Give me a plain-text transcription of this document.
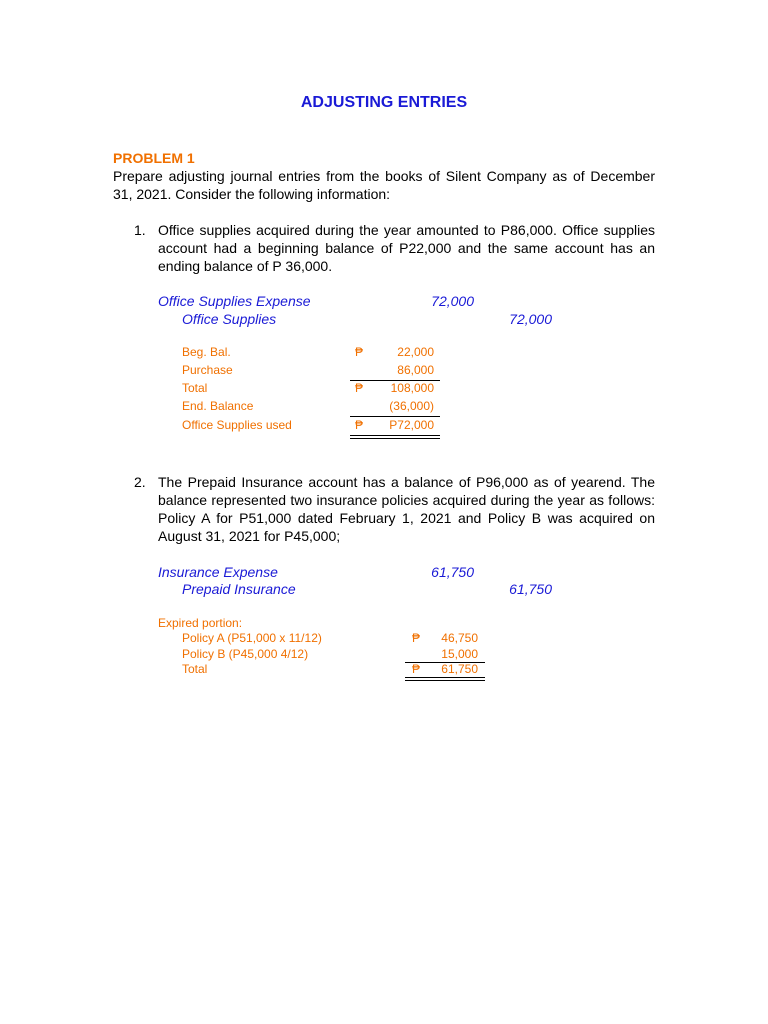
ADJUSTING ENTRIES
PROBLEM 1
Prepare adjusting journal entries from the books of Silent Company as of December 31, 2021. Consider the following information:
1. Office supplies acquired during the year amounted to P86,000. Office supplies account had a beginning balance of P22,000 and the same account has an ending balance of P 36,000.
Office Supplies Expense	72,000
Office Supplies	72,000
Beg. Bal.	₱	22,000
Purchase	86,000
Total	₱	108,000
End. Balance	(36,000)
Office Supplies used	₱	P72,000
2. The Prepaid Insurance account has a balance of P96,000 as of yearend. The balance represented two insurance policies acquired during the year as follows: Policy A for P51,000 dated February 1, 2021 and Policy B was acquired on August 31, 2021 for P45,000;
Insurance Expense	61,750
Prepaid Insurance	61,750
Expired portion:
Policy A (P51,000 x 11/12)	₱	46,750
Policy B (P45,000 4/12)	15,000
Total	₱	61,750
